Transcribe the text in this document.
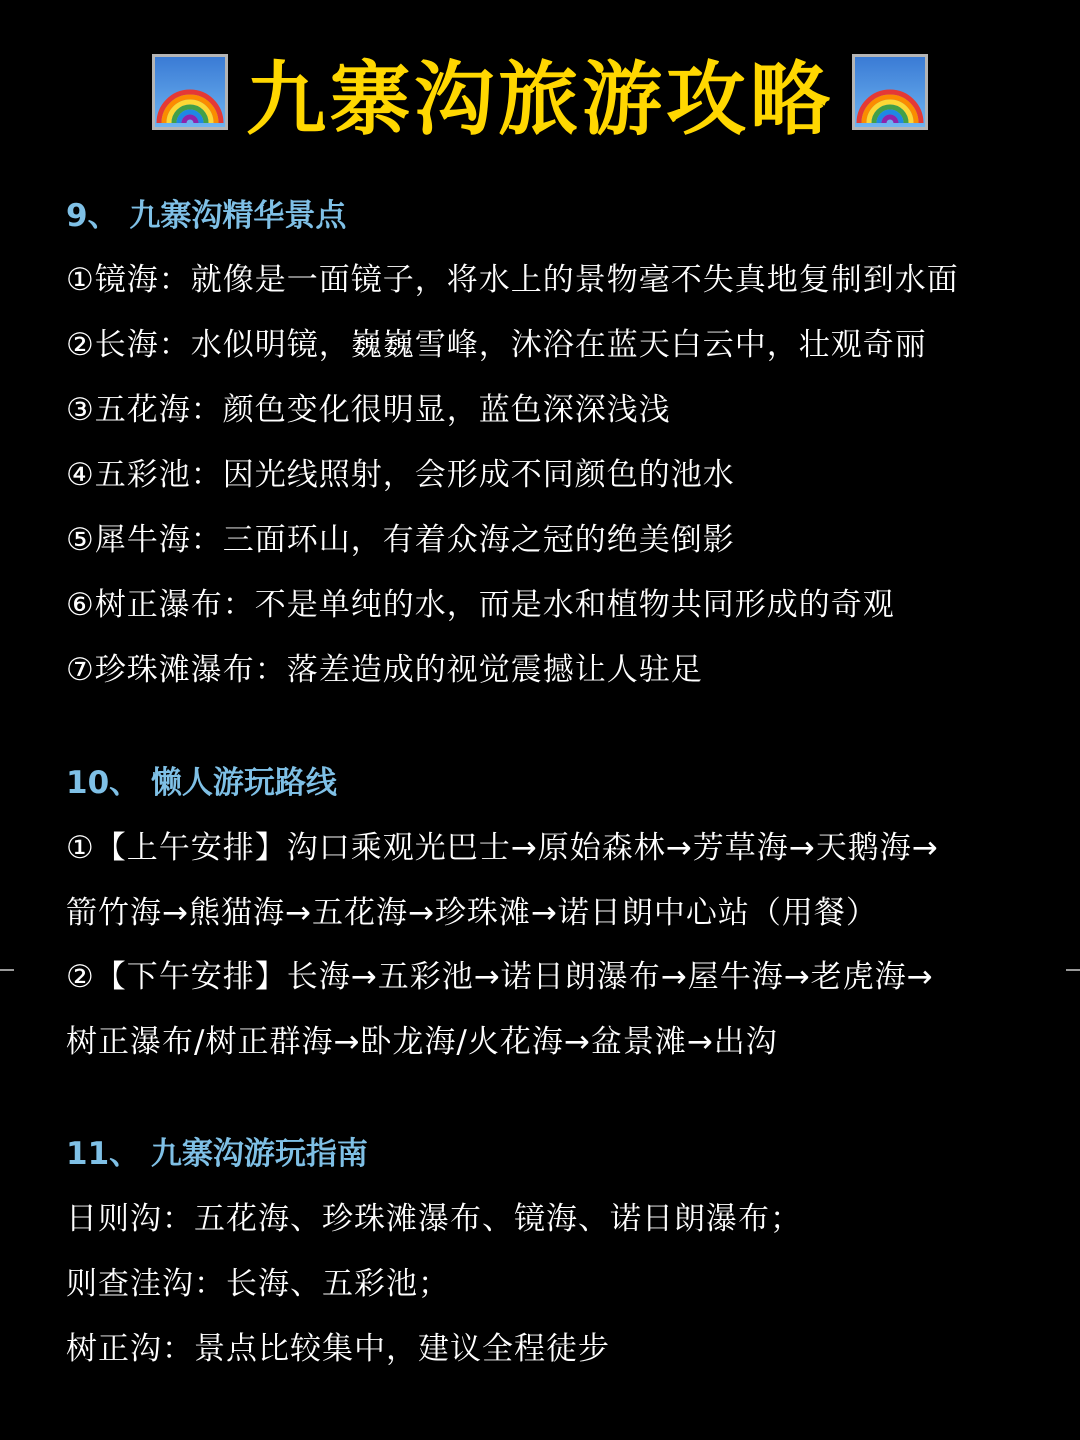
九寨沟旅游攻略
9、 九寨沟精华景点
①镜海：就像是一面镜子，将水上的景物毫不失真地复制到水面
②长海：水似明镜，巍巍雪峰，沐浴在蓝天白云中，壮观奇丽
③五花海：颜色变化很明显，蓝色深深浅浅
④五彩池：因光线照射，会形成不同颜色的池水
⑤犀牛海：三面环山，有着众海之冠的绝美倒影
⑥树正瀑布：不是单纯的水，而是水和植物共同形成的奇观
⑦珍珠滩瀑布：落差造成的视觉震撼让人驻足
10、 懒人游玩路线
①【上午安排】沟口乘观光巴士→原始森林→芳草海→天鹅海→
箭竹海→熊猫海→五花海→珍珠滩→诺日朗中心站（用餐）
②【下午安排】长海→五彩池→诺日朗瀑布→屋牛海→老虎海→
树正瀑布/树正群海→卧龙海/火花海→盆景滩→出沟
11、 九寨沟游玩指南
日则沟：五花海、珍珠滩瀑布、镜海、诺日朗瀑布；
则查洼沟：长海、五彩池；
树正沟：景点比较集中，建议全程徒步
